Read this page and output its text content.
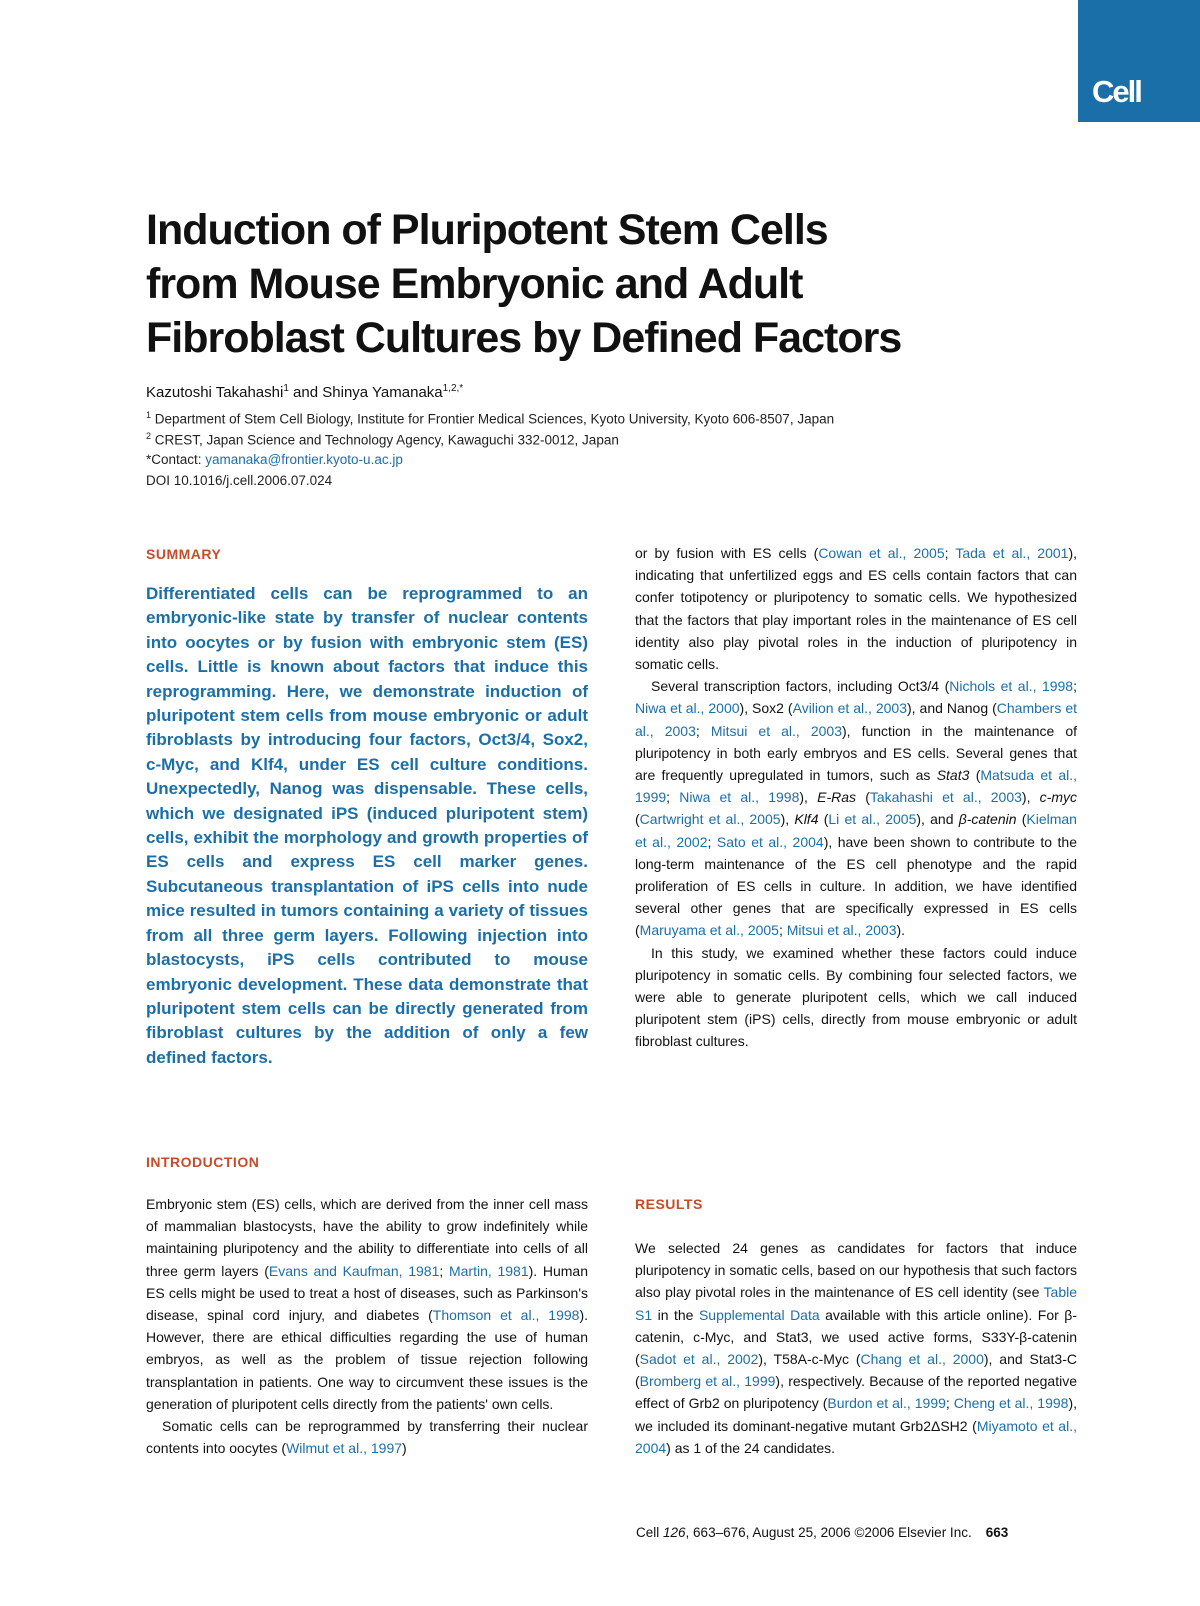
Cell
Induction of Pluripotent Stem Cells
from Mouse Embryonic and Adult
Fibroblast Cultures by Defined Factors
Kazutoshi Takahashi$^1$ and Shinya Yamanaka$^{1,2,*}$
$^1$ Department of Stem Cell Biology, Institute for Frontier Medical Sciences, Kyoto University, Kyoto 606-8507, Japan
$^2$ CREST, Japan Science and Technology Agency, Kawaguchi 332-0012, Japan
*Contact: yamanaka@frontier.kyoto-u.ac.jp
DOI 10.1016/j.cell.2006.07.024
SUMMARY

Differentiated cells can be reprogrammed to an embryonic-like state by transfer of nuclear contents into oocytes or by fusion with embryonic stem (ES) cells. Little is known about factors that induce this reprogramming. Here, we demonstrate induction of pluripotent stem cells from mouse embryonic or adult fibroblasts by introducing four factors, Oct3/4, Sox2, c-Myc, and Klf4, under ES cell culture conditions. Unexpectedly, Nanog was dispensable. These cells, which we designated iPS (induced pluripotent stem) cells, exhibit the morphology and growth properties of ES cells and express ES cell marker genes. Subcutaneous transplantation of iPS cells into nude mice resulted in tumors containing a variety of tissues from all three germ layers. Following injection into blastocysts, iPS cells contributed to mouse embryonic development. These data demonstrate that pluripotent stem cells can be directly generated from fibroblast cultures by the addition of only a few defined factors.

INTRODUCTION

Embryonic stem (ES) cells, which are derived from the inner cell mass of mammalian blastocysts, have the ability to grow indefinitely while maintaining pluripotency and the ability to differentiate into cells of all three germ layers (Evans and Kaufman, 1981; Martin, 1981). Human ES cells might be used to treat a host of diseases, such as Parkinson's disease, spinal cord injury, and diabetes (Thomson et al., 1998). However, there are ethical difficulties regarding the use of human embryos, as well as the problem of tissue rejection following transplantation in patients. One way to circumvent these issues is the generation of pluripotent cells directly from the patients' own cells.

Somatic cells can be reprogrammed by transferring their nuclear contents into oocytes (Wilmut et al., 1997)

or by fusion with ES cells (Cowan et al., 2005; Tada et al., 2001), indicating that unfertilized eggs and ES cells contain factors that can confer totipotency or pluripotency to somatic cells. We hypothesized that the factors that play important roles in the maintenance of ES cell identity also play pivotal roles in the induction of pluripotency in somatic cells.

Several transcription factors, including Oct3/4 (Nichols et al., 1998; Niwa et al., 2000), Sox2 (Avilion et al., 2003), and Nanog (Chambers et al., 2003; Mitsui et al., 2003), function in the maintenance of pluripotency in both early embryos and ES cells. Several genes that are frequently upregulated in tumors, such as Stat3 (Matsuda et al., 1999; Niwa et al., 1998), E-Ras (Takahashi et al., 2003), c-myc (Cartwright et al., 2005), Klf4 (Li et al., 2005), and β-catenin (Kielman et al., 2002; Sato et al., 2004), have been shown to contribute to the long-term maintenance of the ES cell phenotype and the rapid proliferation of ES cells in culture. In addition, we have identified several other genes that are specifically expressed in ES cells (Maruyama et al., 2005; Mitsui et al., 2003).

In this study, we examined whether these factors could induce pluripotency in somatic cells. By combining four selected factors, we were able to generate pluripotent cells, which we call induced pluripotent stem (iPS) cells, directly from mouse embryonic or adult fibroblast cultures.

RESULTS

We selected 24 genes as candidates for factors that induce pluripotency in somatic cells, based on our hypothesis that such factors also play pivotal roles in the maintenance of ES cell identity (see Table S1 in the Supplemental Data available with this article online). For β-catenin, c-Myc, and Stat3, we used active forms, S33Y-β-catenin (Sadot et al., 2002), T58A-c-Myc (Chang et al., 2000), and Stat3-C (Bromberg et al., 1999), respectively. Because of the reported negative effect of Grb2 on pluripotency (Burdon et al., 1999; Cheng et al., 1998), we included its dominant-negative mutant Grb2ΔSH2 (Miyamoto et al., 2004) as 1 of the 24 candidates.

Cell 126, 663–676, August 25, 2006 ©2006 Elsevier Inc. 663
